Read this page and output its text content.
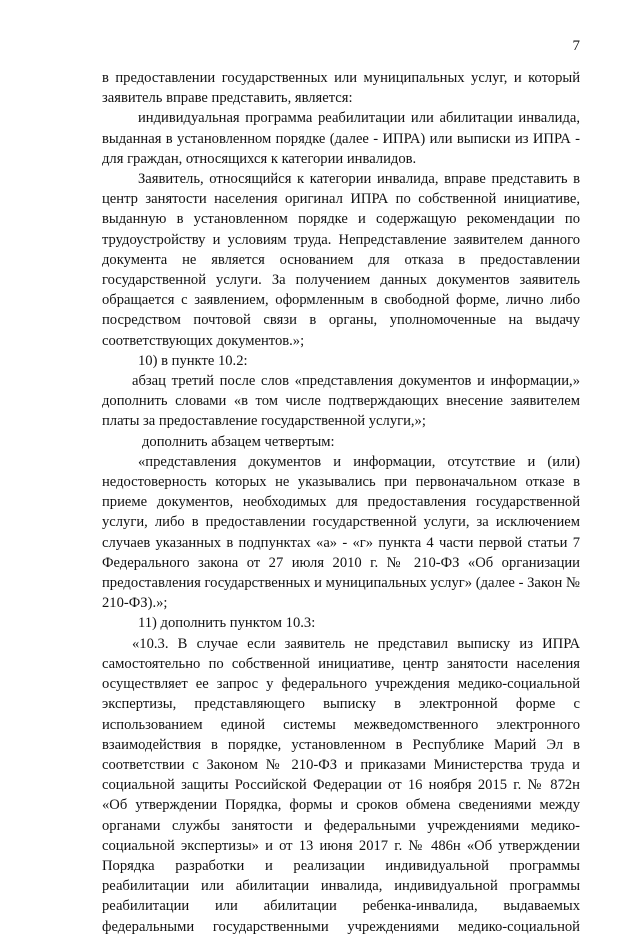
7

в предоставлении государственных или муниципальных услуг, и который заявитель вправе представить, является:

индивидуальная программа реабилитации или абилитации инвалида, выданная в установленном порядке (далее - ИПРА) или выписки из ИПРА - для граждан, относящихся к категории инвалидов.

Заявитель, относящийся к категории инвалида, вправе представить в центр занятости населения оригинал ИПРА по собственной инициативе, выданную в установленном порядке и содержащую рекомендации по трудоустройству и условиям труда. Непредставление заявителем данного документа не является основанием для отказа в предоставлении государственной услуги. За получением данных документов заявитель обращается с заявлением, оформленным в свободной форме, лично либо посредством почтовой связи в органы, уполномоченные на выдачу соответствующих документов.»;

10) в пункте 10.2:

абзац третий после слов «представления документов и информации,» дополнить словами «в том числе подтверждающих внесение заявителем платы за предоставление государственной услуги,»;

дополнить абзацем четвертым:

«представления документов и информации, отсутствие и (или) недостоверность которых не указывались при первоначальном отказе в приеме документов, необходимых для предоставления государственной услуги, либо в предоставлении государственной услуги, за исключением случаев указанных в подпунктах «а» - «г» пункта 4 части первой статьи 7 Федерального закона от 27 июля 2010 г. № 210-ФЗ «Об организации предоставления государственных и муниципальных услуг» (далее - Закон № 210-ФЗ).»;

11) дополнить пунктом 10.3:

«10.3. В случае если заявитель не представил выписку из ИПРА самостоятельно по собственной инициативе, центр занятости населения осуществляет ее запрос у федерального учреждения медико-социальной экспертизы, представляющего выписку в электронной форме с использованием единой системы межведомственного электронного взаимодействия в порядке, установленном в Республике Марий Эл в соответствии с Законом № 210-ФЗ и приказами Министерства труда и социальной защиты Российской Федерации от 16 ноября 2015 г. № 872н «Об утверждении Порядка, формы и сроков обмена сведениями между органами службы занятости и федеральными учреждениями медико-социальной экспертизы» и от 13 июня 2017 г. № 486н «Об утверждении Порядка разработки и реализации индивидуальной программы реабилитации или абилитации инвалида, индивидуальной программы реабилитации или абилитации ребенка-инвалида, выдаваемых федеральными государственными учреждениями медико-социальной
